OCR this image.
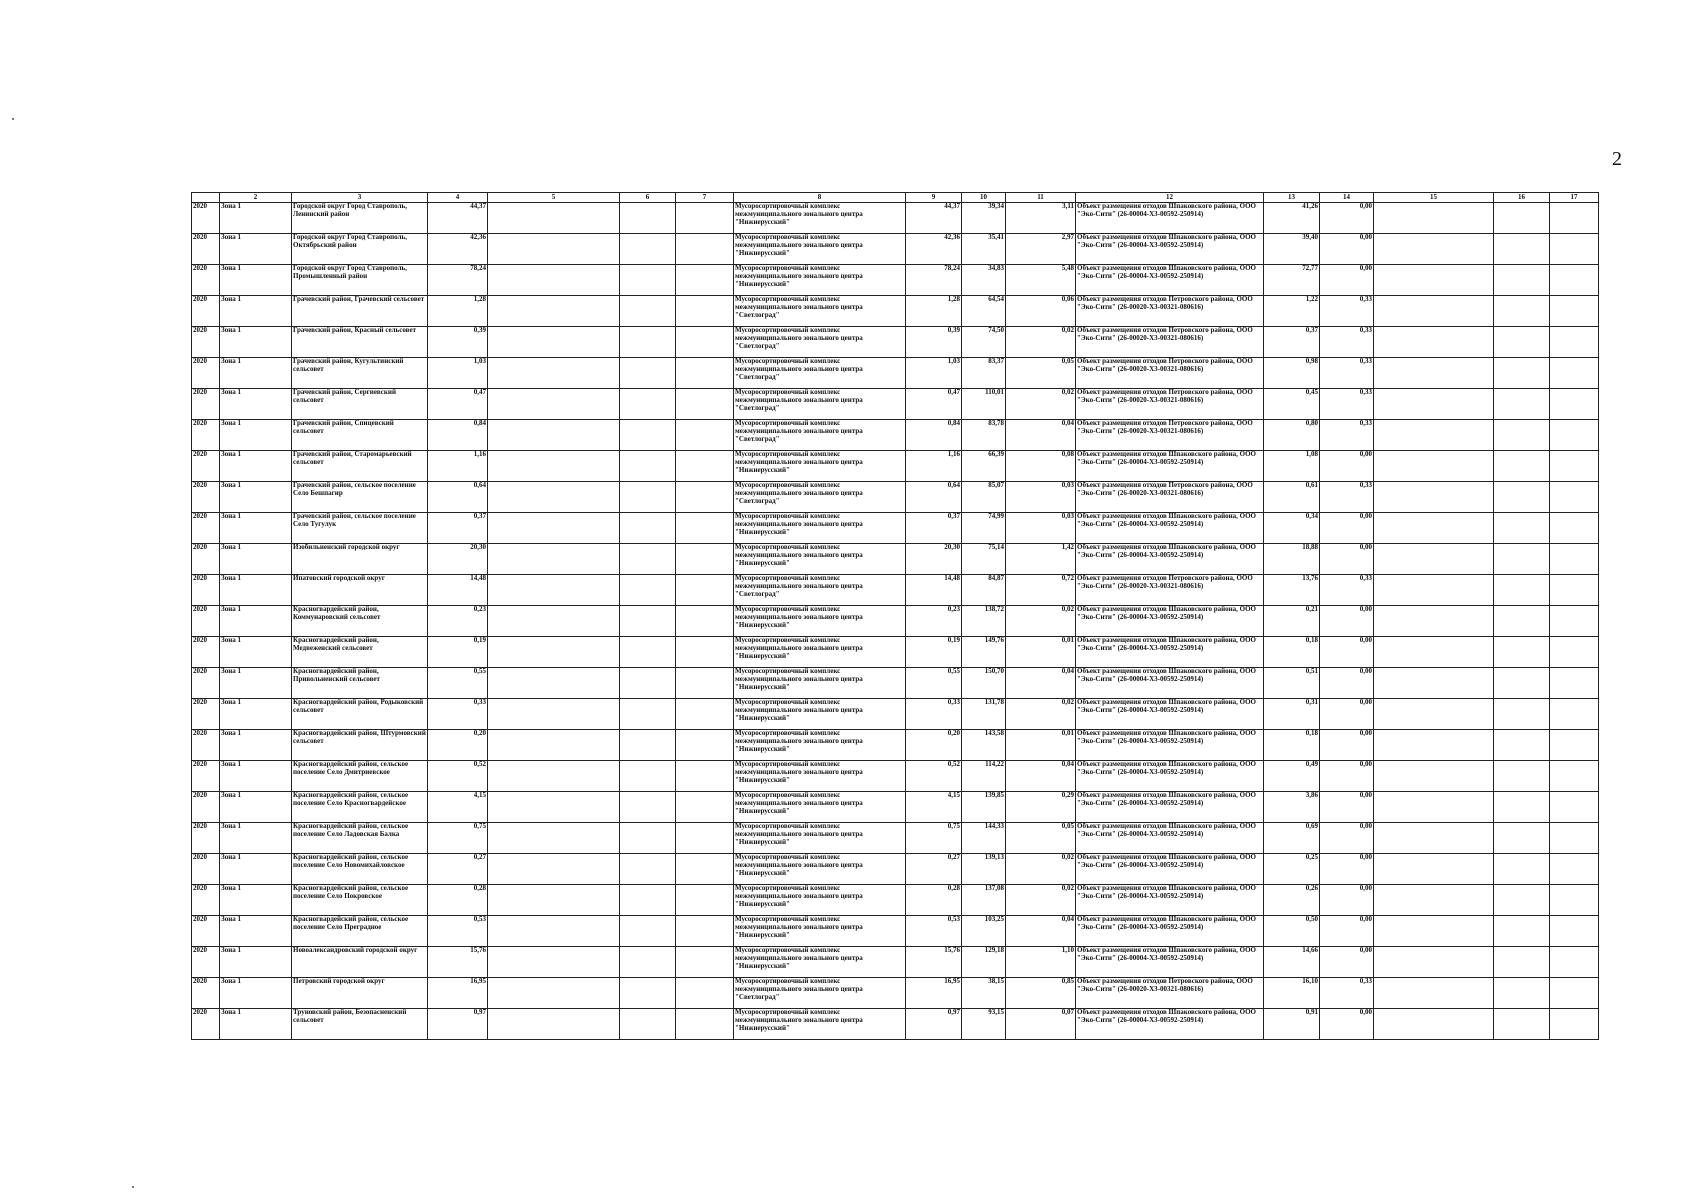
2
	2	3	4	5	6	7	8	9	10	11	12	13	14	15	16	17
2020	Зона 1	Городской округ Город Ставрополь, Ленинский район	44,37				Мусоросортировочный комплекс межмуниципального зонального центра "Нижнерусский"	44,37	39,34	3,11	Объект размещения отходов Шпаковского района, ООО "Эко-Сити" (26-00004-Х3-00592-250914)	41,26	0,00			
2020	Зона 1	Городской округ Город Ставрополь, Октябрьский район	42,36				Мусоросортировочный комплекс межмуниципального зонального центра "Нижнерусский"	42,36	35,41	2,97	Объект размещения отходов Шпаковского района, ООО "Эко-Сити" (26-00004-Х3-00592-250914)	39,40	0,00			
2020	Зона 1	Городской округ Город Ставрополь, Промышленный район	78,24				Мусоросортировочный комплекс межмуниципального зонального центра "Нижнерусский"	78,24	34,83	5,48	Объект размещения отходов Шпаковского района, ООО "Эко-Сити" (26-00004-Х3-00592-250914)	72,77	0,00			
2020	Зона 1	Грачевский район, Грачевский сельсовет	1,28				Мусоросортировочный комплекс межмуниципального зонального центра "Светлоград"	1,28	64,54	0,06	Объект размещения отходов Петровского района, ООО "Эко-Сити" (26-00020-Х3-00321-080616)	1,22	0,33			
2020	Зона 1	Грачевский район, Красный сельсовет	0,39				Мусоросортировочный комплекс межмуниципального зонального центра "Светлоград"	0,39	74,50	0,02	Объект размещения отходов Петровского района, ООО "Эко-Сити" (26-00020-Х3-00321-080616)	0,37	0,33			
2020	Зона 1	Грачевский район, Кугультинский сельсовет	1,03				Мусоросортировочный комплекс межмуниципального зонального центра "Светлоград"	1,03	83,37	0,05	Объект размещения отходов Петровского района, ООО "Эко-Сити" (26-00020-Х3-00321-080616)	0,98	0,33			
2020	Зона 1	Грачевский район, Сергиевский сельсовет	0,47				Мусоросортировочный комплекс межмуниципального зонального центра "Светлоград"	0,47	110,01	0,02	Объект размещения отходов Петровского района, ООО "Эко-Сити" (26-00020-Х3-00321-080616)	0,45	0,33			
2020	Зона 1	Грачевский район, Спицевский сельсовет	0,84				Мусоросортировочный комплекс межмуниципального зонального центра "Светлоград"	0,84	83,78	0,04	Объект размещения отходов Петровского района, ООО "Эко-Сити" (26-00020-Х3-00321-080616)	0,80	0,33			
2020	Зона 1	Грачевский район, Старомарьевский сельсовет	1,16				Мусоросортировочный комплекс межмуниципального зонального центра "Нижнерусский"	1,16	66,39	0,08	Объект размещения отходов Шпаковского района, ООО "Эко-Сити" (26-00004-Х3-00592-250914)	1,08	0,00			
2020	Зона 1	Грачевский район, сельское поселение Село Бешпагир	0,64				Мусоросортировочный комплекс межмуниципального зонального центра "Светлоград"	0,64	85,07	0,03	Объект размещения отходов Петровского района, ООО "Эко-Сити" (26-00020-Х3-00321-080616)	0,61	0,33			
2020	Зона 1	Грачевский район, сельское поселение Село Тугулук	0,37				Мусоросортировочный комплекс межмуниципального зонального центра "Нижнерусский"	0,37	74,99	0,03	Объект размещения отходов Шпаковского района, ООО "Эко-Сити" (26-00004-Х3-00592-250914)	0,34	0,00			
2020	Зона 1	Изобильненский городской округ	20,30				Мусоросортировочный комплекс межмуниципального зонального центра "Нижнерусский"	20,30	75,14	1,42	Объект размещения отходов Шпаковского района, ООО "Эко-Сити" (26-00004-Х3-00592-250914)	18,88	0,00			
2020	Зона 1	Ипатовский городской округ	14,48				Мусоросортировочный комплекс межмуниципального зонального центра "Светлоград"	14,48	84,87	0,72	Объект размещения отходов Петровского района, ООО "Эко-Сити" (26-00020-Х3-00321-080616)	13,76	0,33			
2020	Зона 1	Красногвардейский район, Коммунаровский сельсовет	0,23				Мусоросортировочный комплекс межмуниципального зонального центра "Нижнерусский"	0,23	138,72	0,02	Объект размещения отходов Шпаковского района, ООО "Эко-Сити" (26-00004-Х3-00592-250914)	0,21	0,00			
2020	Зона 1	Красногвардейский район, Медвеженский сельсовет	0,19				Мусоросортировочный комплекс межмуниципального зонального центра "Нижнерусский"	0,19	149,76	0,01	Объект размещения отходов Шпаковского района, ООО "Эко-Сити" (26-00004-Х3-00592-250914)	0,18	0,00			
2020	Зона 1	Красногвардейский район, Привольненский сельсовет	0,55				Мусоросортировочный комплекс межмуниципального зонального центра "Нижнерусский"	0,55	150,70	0,04	Объект размещения отходов Шпаковского района, ООО "Эко-Сити" (26-00004-Х3-00592-250914)	0,51	0,00			
2020	Зона 1	Красногвардейский район, Родыковский сельсовет	0,33				Мусоросортировочный комплекс межмуниципального зонального центра "Нижнерусский"	0,33	131,78	0,02	Объект размещения отходов Шпаковского района, ООО "Эко-Сити" (26-00004-Х3-00592-250914)	0,31	0,00			
2020	Зона 1	Красногвардейский район, Штурмовский сельсовет	0,20				Мусоросортировочный комплекс межмуниципального зонального центра "Нижнерусский"	0,20	143,58	0,01	Объект размещения отходов Шпаковского района, ООО "Эко-Сити" (26-00004-Х3-00592-250914)	0,18	0,00			
2020	Зона 1	Красногвардейский район, сельское поселение Село Дмитриевское	0,52				Мусоросортировочный комплекс межмуниципального зонального центра "Нижнерусский"	0,52	114,22	0,04	Объект размещения отходов Шпаковского района, ООО "Эко-Сити" (26-00004-Х3-00592-250914)	0,49	0,00			
2020	Зона 1	Красногвардейский район, сельское поселение Село Красногвардейское	4,15				Мусоросортировочный комплекс межмуниципального зонального центра "Нижнерусский"	4,15	139,85	0,29	Объект размещения отходов Шпаковского района, ООО "Эко-Сити" (26-00004-Х3-00592-250914)	3,86	0,00			
2020	Зона 1	Красногвардейский район, сельское поселение Село Ладовская Балка	0,75				Мусоросортировочный комплекс межмуниципального зонального центра "Нижнерусский"	0,75	144,33	0,05	Объект размещения отходов Шпаковского района, ООО "Эко-Сити" (26-00004-Х3-00592-250914)	0,69	0,00			
2020	Зона 1	Красногвардейский район, сельское поселение Село Новомихайловское	0,27				Мусоросортировочный комплекс межмуниципального зонального центра "Нижнерусский"	0,27	139,13	0,02	Объект размещения отходов Шпаковского района, ООО "Эко-Сити" (26-00004-Х3-00592-250914)	0,25	0,00			
2020	Зона 1	Красногвардейский район, сельское поселение Село Покровское	0,28				Мусоросортировочный комплекс межмуниципального зонального центра "Нижнерусский"	0,28	137,08	0,02	Объект размещения отходов Шпаковского района, ООО "Эко-Сити" (26-00004-Х3-00592-250914)	0,26	0,00			
2020	Зона 1	Красногвардейский район, сельское поселение Село Преградное	0,53				Мусоросортировочный комплекс межмуниципального зонального центра "Нижнерусский"	0,53	103,25	0,04	Объект размещения отходов Шпаковского района, ООО "Эко-Сити" (26-00004-Х3-00592-250914)	0,50	0,00			
2020	Зона 1	Новоалександровский городской округ	15,76				Мусоросортировочный комплекс межмуниципального зонального центра "Нижнерусский"	15,76	129,18	1,10	Объект размещения отходов Шпаковского района, ООО "Эко-Сити" (26-00004-Х3-00592-250914)	14,66	0,00			
2020	Зона 1	Петровский городской округ	16,95				Мусоросортировочный комплекс межмуниципального зонального центра "Светлоград"	16,95	38,15	0,85	Объект размещения отходов Петровского района, ООО "Эко-Сити" (26-00020-Х3-00321-080616)	16,10	0,33			
2020	Зона 1	Труновский район, Безопасненский сельсовет	0,97				Мусоросортировочный комплекс межмуниципального зонального центра "Нижнерусский"	0,97	93,15	0,07	Объект размещения отходов Шпаковского района, ООО "Эко-Сити" (26-00004-Х3-00592-250914)	0,91	0,00			
